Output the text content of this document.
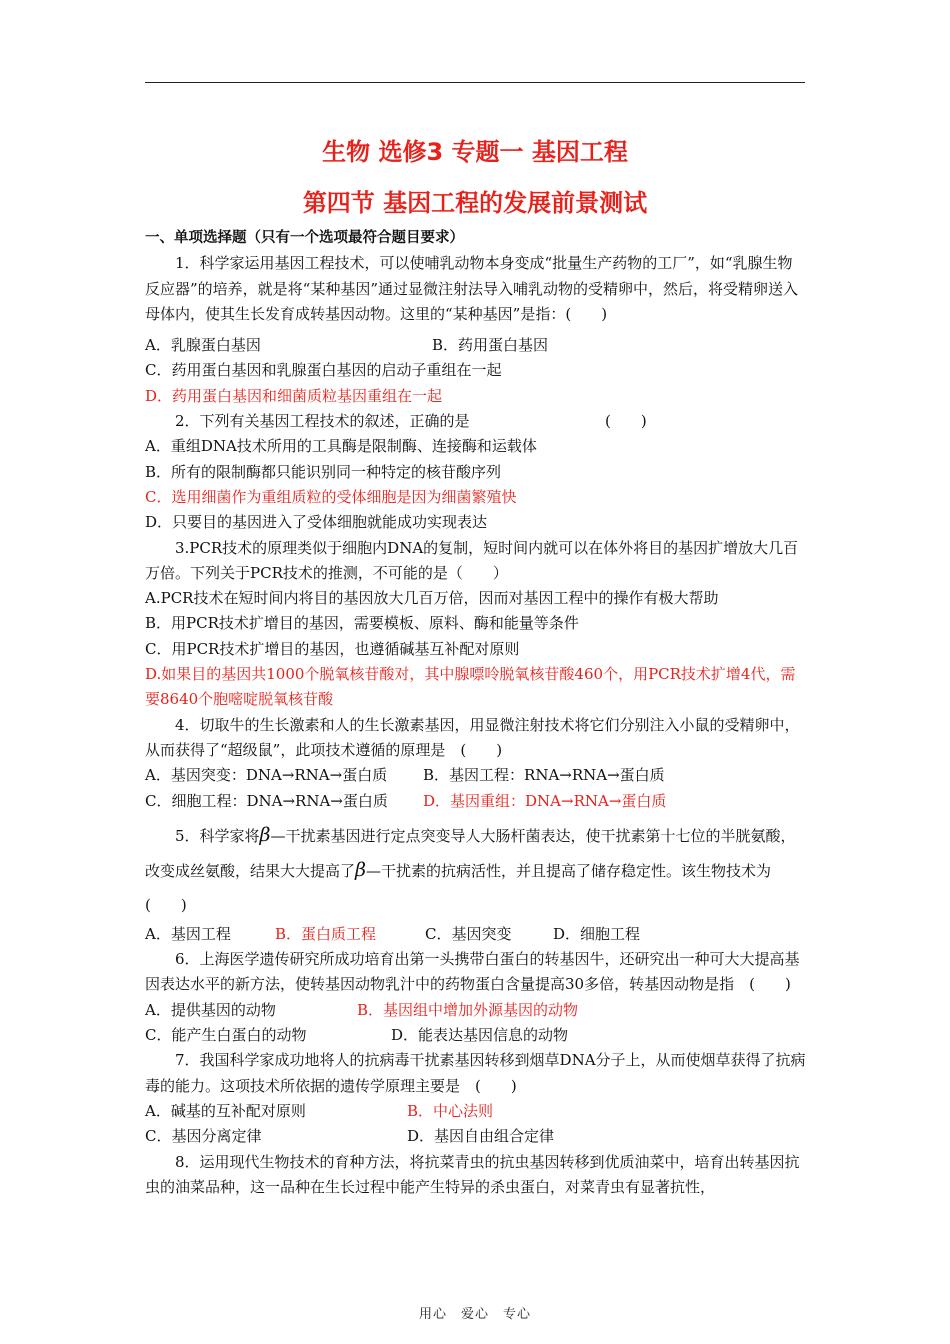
生物 选修3 专题一 基因工程
第四节 基因工程的发展前景测试

一、单项选择题（只有一个选项最符合题目要求）

1．科学家运用基因工程技术，可以使哺乳动物本身变成“批量生产药物的工厂”，如“乳腺生物反应器”的培养，就是将“某种基因”通过显微注射法导入哺乳动物的受精卵中，然后，将受精卵送入母体内，使其生长发育成转基因动物。这里的“某种基因”是指：(　　)

A．乳腺蛋白基因	B．药用蛋白基因

C．药用蛋白基因和乳腺蛋白基因的启动子重组在一起

D．药用蛋白基因和细菌质粒基因重组在一起

2．下列有关基因工程技术的叙述，正确的是	(　　)

A．重组DNA技术所用的工具酶是限制酶、连接酶和运载体

B．所有的限制酶都只能识别同一种特定的核苷酸序列

C．选用细菌作为重组质粒的受体细胞是因为细菌繁殖快

D．只要目的基因进入了受体细胞就能成功实现表达

3.PCR技术的原理类似于细胞内DNA的复制，短时间内就可以在体外将目的基因扩增放大几百万倍。下列关于PCR技术的推测，不可能的是（　　）

A.PCR技术在短时间内将目的基因放大几百万倍，因而对基因工程中的操作有极大帮助

B．用PCR技术扩增目的基因，需要模板、原料、酶和能量等条件

C．用PCR技术扩增目的基因，也遵循碱基互补配对原则

D.如果目的基因共1000个脱氧核苷酸对，其中腺嘌呤脱氧核苷酸460个，用PCR技术扩增4代，需要8640个胞嘧啶脱氧核苷酸

4．切取牛的生长激素和人的生长激素基因，用显微注射技术将它们分别注入小鼠的受精卵中，从而获得了“超级鼠”，此项技术遵循的原理是　(　　)

A．基因突变：DNA→RNA→蛋白质	B．基因工程：RNA→RNA→蛋白质

C．细胞工程：DNA→RNA→蛋白质	D．基因重组：DNA→RNA→蛋白质

5．科学家将β—干扰素基因进行定点突变导人大肠杆菌表达，使干扰素第十七位的半胱氨酸，改变成丝氨酸，结果大大提高了β—干扰素的抗病活性，并且提高了储存稳定性。该生物技术为(　　)

A．基因工程	B．蛋白质工程	C．基因突变	D．细胞工程

6．上海医学遗传研究所成功培育出第一头携带白蛋白的转基因牛，还研究出一种可大大提高基因表达水平的新方法，使转基因动物乳汁中的药物蛋白含量提高30多倍，转基因动物是指　(　　)

A．提供基因的动物	B．基因组中增加外源基因的动物

C．能产生白蛋白的动物	D．能表达基因信息的动物

7．我国科学家成功地将人的抗病毒干扰素基因转移到烟草DNA分子上，从而使烟草获得了抗病毒的能力。这项技术所依据的遗传学原理主要是　(　　)

A．碱基的互补配对原则	B．中心法则

C．基因分离定律	D．基因自由组合定律

8．运用现代生物技术的育种方法，将抗菜青虫的抗虫基因转移到优质油菜中，培育出转基因抗虫的油菜品种，这一品种在生长过程中能产生特异的杀虫蛋白，对菜青虫有显著抗性，

用心　爱心　专心
